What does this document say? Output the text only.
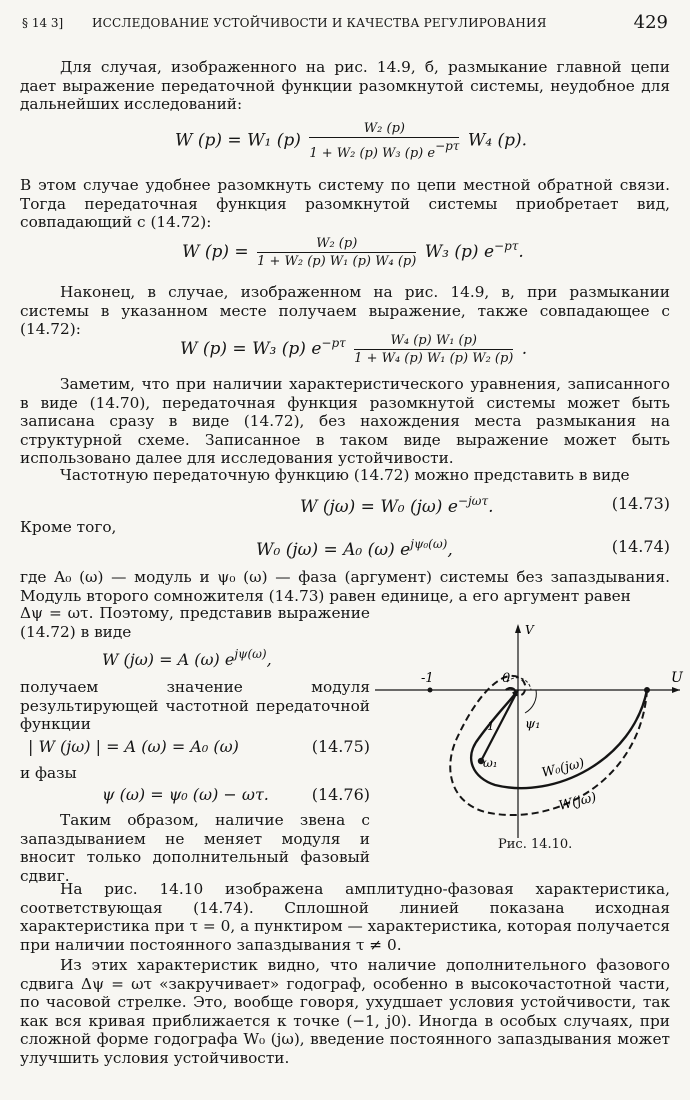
§ 14 3] ИССЛЕДОВАНИЕ УСТОЙЧИВОСТИ И КАЧЕСТВА РЕГУЛИРОВАНИЯ	429

Для случая, изображенного на рис. 14.9, б, размыкание главной цепи дает выражение передаточной функции разомкнутой системы, неудобное для дальнейших исследований:

W (p) = W₁ $(p) \frac{\text{W₂ (p)}}{\text{1 + W₂ (p) W₃ (p) e−pτ}} W_4$ (p).

В этом случае удобнее разомкнуть систему по цепи местной обратной связи. Тогда передаточная функция разомкнутой системы приобретает вид, совпадающий с (14.72):

W $(p) = \frac{\text{W₂ (p)}}{\text{1 + W₂ (p) W₁ (p) W₄ (p)}} W_3$ (p) $e^{-p\tau}$.

Наконец, в случае, изображенном на рис. 14.9, в, при размыкании системы в указанном месте получаем выражение, также совпадающее с (14.72):

W (p) = W₃ (p) $e^{-p\tau} \frac{\text{W₄ (p) W₁ (p)}}{\text{1 + W₄ (p) W₁ (p) W₂ (p)}}$ .

Заметим, что при наличии характеристического уравнения, записанного в виде (14.70), передаточная функция разомкнутой системы может быть записана сразу в виде (14.72), без нахождения места размыкания на структурной схеме. Записанное в таком виде выражение может быть использовано далее для исследования устойчивости.

Частотную передаточную функцию (14.72) можно представить в виде

W (jω) = W₀ (jω) $e^{-j\omega\tau}$.	(14.73)

Кроме того,

W₀ (jω) = A₀ (ω) $e^{j\psi_0(\omega)}$,	(14.74)

где A₀ (ω) — модуль и ψ₀ (ω) — фаза (аргумент) системы без запаздывания. Модуль второго сомножителя (14.73) равен единице, а его аргумент равен

Δψ = ωτ. Поэтому, представив выражение (14.72) в виде

W (jω) = A (ω) $e^{j\psi(\omega)}$,

получаем значение модуля результирующей частотной передаточной функции

| W (jω) | = A (ω) = A₀ (ω)	(14.75)

и фазы

ψ (ω) = ψ₀ (ω) − ωτ.	(14.76)

Таким образом, наличие звена с запаздыванием не меняет модуля и вносит только дополнительный фазовый сдвиг.

V
U
-1	0
1 ψ₁
ω₁	W₀(jω)
W(jω)
Рис. 14.10.

На рис. 14.10 изображена амплитудно-фазовая характеристика, соответствующая (14.74). Сплошной линией показана исходная характеристика при τ = 0, а пунктиром — характеристика, которая получается при наличии постоянного запаздывания τ ≠ 0.

Из этих характеристик видно, что наличие дополнительного фазового сдвига Δψ = ωτ «закручивает» годограф, особенно в высокочастотной части, по часовой стрелке. Это, вообще говоря, ухудшает условия устойчивости, так как вся кривая приближается к точке (−1, j0). Иногда в особых случаях, при сложной форме годографа W₀ (jω), введение постоянного запаздывания может улучшить условия устойчивости.
